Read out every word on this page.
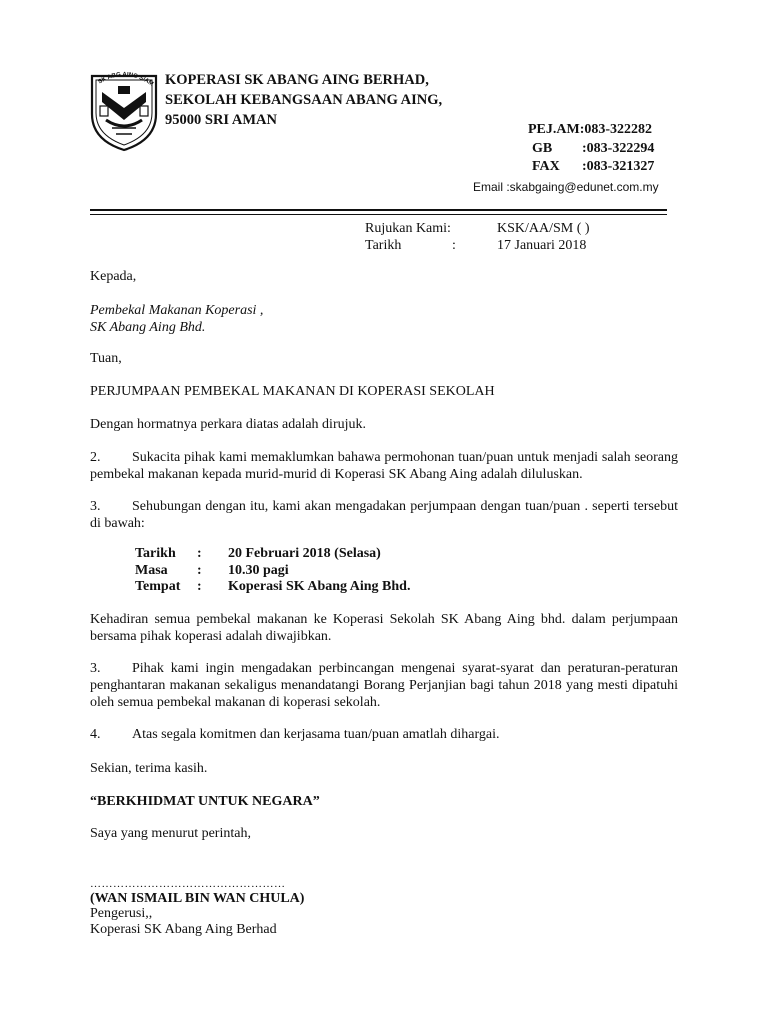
SK ABG AING S/AM KOPERASI SK ABANG AING BERHAD,
SEKOLAH KEBANGSAAN ABANG AING,
95000 SRI AMAN
PEJ.AM:083-322282
GB :083-322294
FAX :083-321327
Email :skabgaing@edunet.com.my
Rujukan Kami:	KSK/AA/SM ( )
Tarikh	:	17 Januari 2018
Kepada,
Pembekal Makanan Koperasi ,
SK Abang Aing Bhd.
Tuan,
PERJUMPAAN PEMBEKAL MAKANAN DI KOPERASI SEKOLAH
Dengan hormatnya perkara diatas adalah dirujuk.
2. Sukacita pihak kami memaklumkan bahawa permohonan tuan/puan untuk menjadi salah seorang pembekal makanan kepada murid-murid di Koperasi SK Abang Aing adalah diluluskan.
3. Sehubungan dengan itu, kami akan mengadakan perjumpaan dengan tuan/puan . seperti tersebut di bawah:
Tarikh : 20 Februari 2018 (Selasa)
Masa : 10.30 pagi
Tempat : Koperasi SK Abang Aing Bhd.
Kehadiran semua pembekal makanan ke Koperasi Sekolah SK Abang Aing bhd. dalam perjumpaan bersama pihak koperasi adalah diwajibkan.
3. Pihak kami ingin mengadakan perbincangan mengenai syarat-syarat dan peraturan-peraturan penghantaran makanan sekaligus menandatangi Borang Perjanjian bagi tahun 2018 yang mesti dipatuhi oleh semua pembekal makanan di koperasi sekolah.
4. Atas segala komitmen dan kerjasama tuan/puan amatlah dihargai.
Sekian, terima kasih.
“BERKHIDMAT UNTUK NEGARA”
Saya yang menurut perintah,
……………………………………………
(WAN ISMAIL BIN WAN CHULA)
Pengerusi,,
Koperasi SK Abang Aing Berhad
